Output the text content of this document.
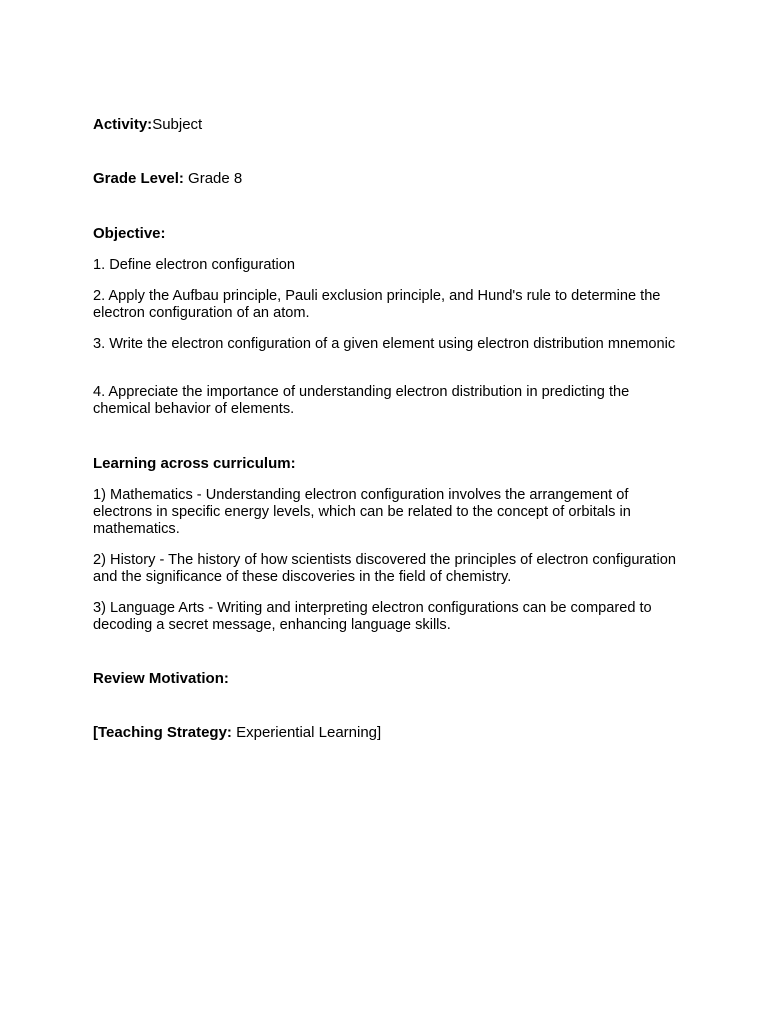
Activity:Subject
Grade Level: Grade 8
Objective:
1. Define electron configuration
2. Apply the Aufbau principle, Pauli exclusion principle, and Hund's rule to determine the electron configuration of an atom.
3. Write the electron configuration of a given element using electron distribution mnemonic
4. Appreciate the importance of understanding electron distribution in predicting the chemical behavior of elements.
Learning across curriculum:
1) Mathematics - Understanding electron configuration involves the arrangement of electrons in specific energy levels, which can be related to the concept of orbitals in mathematics.
2) History - The history of how scientists discovered the principles of electron configuration and the significance of these discoveries in the field of chemistry.
3) Language Arts - Writing and interpreting electron configurations can be compared to decoding a secret message, enhancing language skills.
Review Motivation:
[Teaching Strategy: Experiential Learning]
